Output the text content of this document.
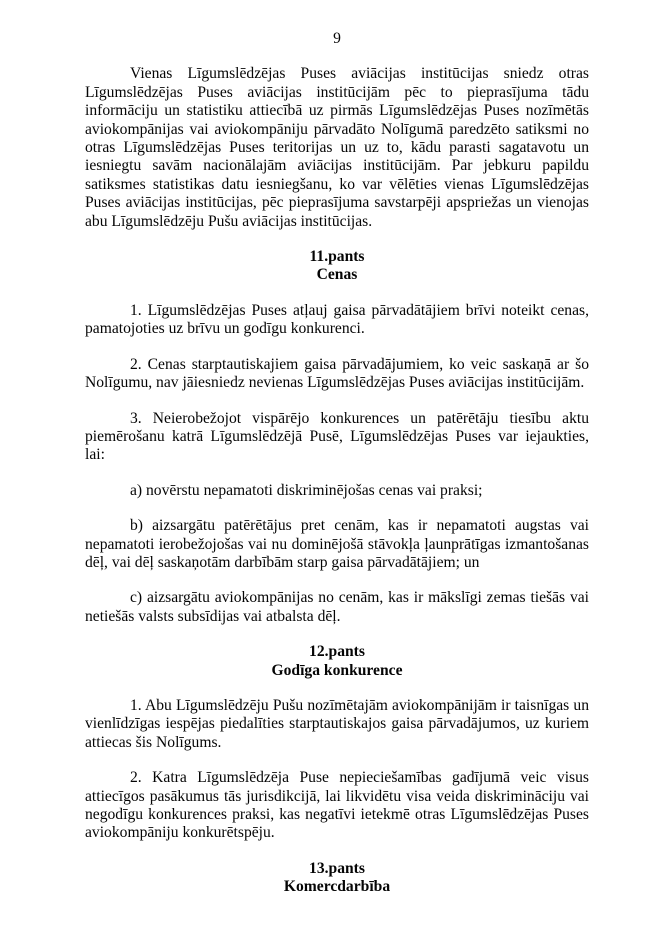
9

Vienas Līgumslēdzējas Puses aviācijas institūcijas sniedz otras Līgumslēdzējas Puses aviācijas institūcijām pēc to pieprasījuma tādu informāciju un statistiku attiecībā uz pirmās Līgumslēdzējas Puses nozīmētās aviokompānijas vai aviokompāniju pārvadāto Nolīgumā paredzēto satiksmi no otras Līgumslēdzējas Puses teritorijas un uz to, kādu parasti sagatavotu un iesniegtu savām nacionālajām aviācijas institūcijām. Par jebkuru papildu satiksmes statistikas datu iesniegšanu, ko var vēlēties vienas Līgumslēdzējas Puses aviācijas institūcijas, pēc pieprasījuma savstarpēji apspriežas un vienojas abu Līgumslēdzēju Pušu aviācijas institūcijas.

11.pants
Cenas

1. Līgumslēdzējas Puses atļauj gaisa pārvadātājiem brīvi noteikt cenas, pamatojoties uz brīvu un godīgu konkurenci.

2. Cenas starptautiskajiem gaisa pārvadājumiem, ko veic saskaņā ar šo Nolīgumu, nav jāiesniedz nevienas Līgumslēdzējas Puses aviācijas institūcijām.

3. Neierobežojot vispārējo konkurences un patērētāju tiesību aktu piemērošanu katrā Līgumslēdzējā Pusē, Līgumslēdzējas Puses var iejaukties, lai:

a) novērstu nepamatoti diskriminējošas cenas vai praksi;

b) aizsargātu patērētājus pret cenām, kas ir nepamatoti augstas vai nepamatoti ierobežojošas vai nu dominējošā stāvokļa ļaunprātīgas izmantošanas dēļ, vai dēļ saskaņotām darbībām starp gaisa pārvadātājiem; un

c) aizsargātu aviokompānijas no cenām, kas ir mākslīgi zemas tiešās vai netiešās valsts subsīdijas vai atbalsta dēļ.

12.pants
Godīga konkurence

1. Abu Līgumslēdzēju Pušu nozīmētajām aviokompānijām ir taisnīgas un vienlīdzīgas iespējas piedalīties starptautiskajos gaisa pārvadājumos, uz kuriem attiecas šis Nolīgums.

2. Katra Līgumslēdzēja Puse nepieciešamības gadījumā veic visus attiecīgos pasākumus tās jurisdikcijā, lai likvidētu visa veida diskrimināciju vai negodīgu konkurences praksi, kas negatīvi ietekmē otras Līgumslēdzējas Puses aviokompāniju konkurētspēju.

13.pants
Komercdarbība
